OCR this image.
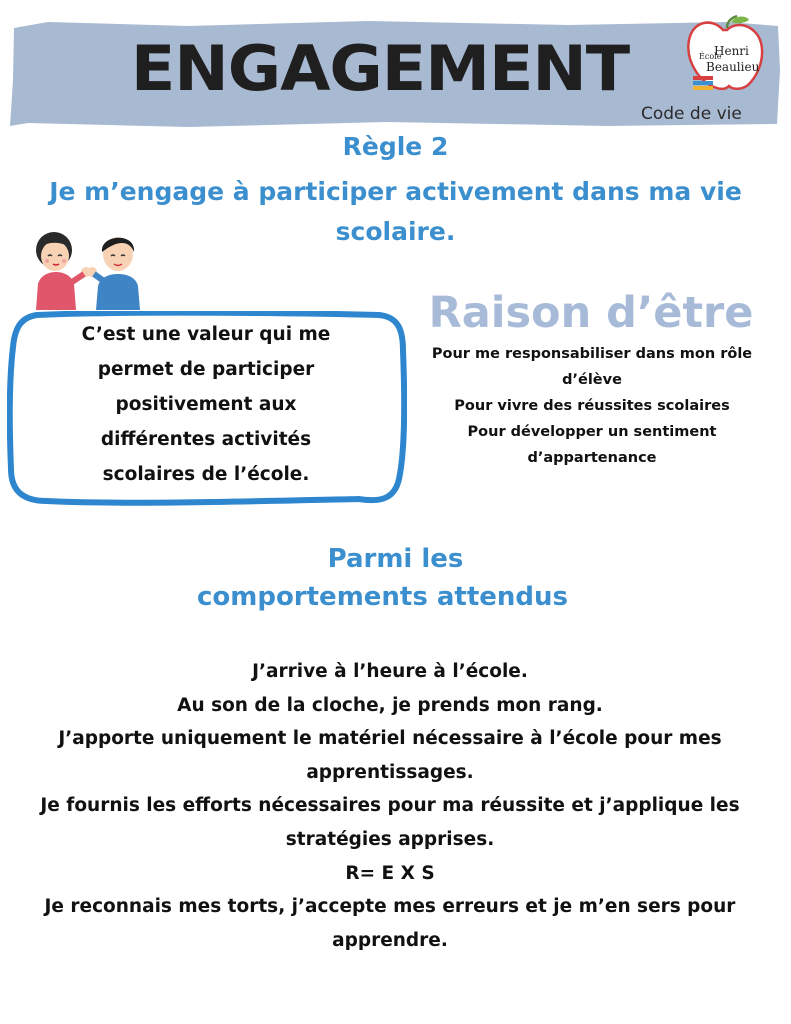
ENGAGEMENT	École
Henri
Beaulieu
Code de vie
Règle 2
Je m’engage à participer activement dans ma vie scolaire.
C’est une valeur qui me
permet de participer
positivement aux
différentes activités
scolaires de l’école.
Raison d’être
Pour me responsabiliser dans mon rôle
d’élève
Pour vivre des réussites scolaires
Pour développer un sentiment
d’appartenance
Parmi les
comportements attendus
J’arrive à l’heure à l’école.
Au son de la cloche, je prends mon rang.
J’apporte uniquement le matériel nécessaire à l’école pour mes
apprentissages.
Je fournis les efforts nécessaires pour ma réussite et j’applique les
stratégies apprises.
R= E X S
Je reconnais mes torts, j’accepte mes erreurs et je m’en sers pour
apprendre.
